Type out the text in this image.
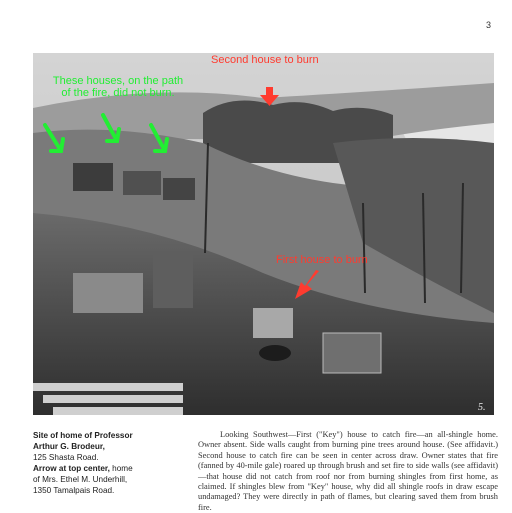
3
5.
Second house to burn
These houses, on the path
of the fire, did not burn.
First house to burn
Site of home of Professor
Arthur G. Brodeur,
125 Shasta Road.
Arrow at top center, home
of Mrs. Ethel M. Underhill,
1350 Tamalpais Road.
Looking Southwest—First ("Key") house to catch fire—an all-shingle home. Owner absent. Side walls caught from burning pine trees around house. (See affidavit.) Second house to catch fire can be seen in center across draw. Owner states that fire (fanned by 40-mile gale) roared up through brush and set fire to side walls (see affidavit)—that house did not catch from roof nor from burning shingles from first home, as claimed. If shingles blew from "Key" house, why did all shingle roofs in draw escape undamaged? They were directly in path of flames, but clearing saved them from brush fire.
